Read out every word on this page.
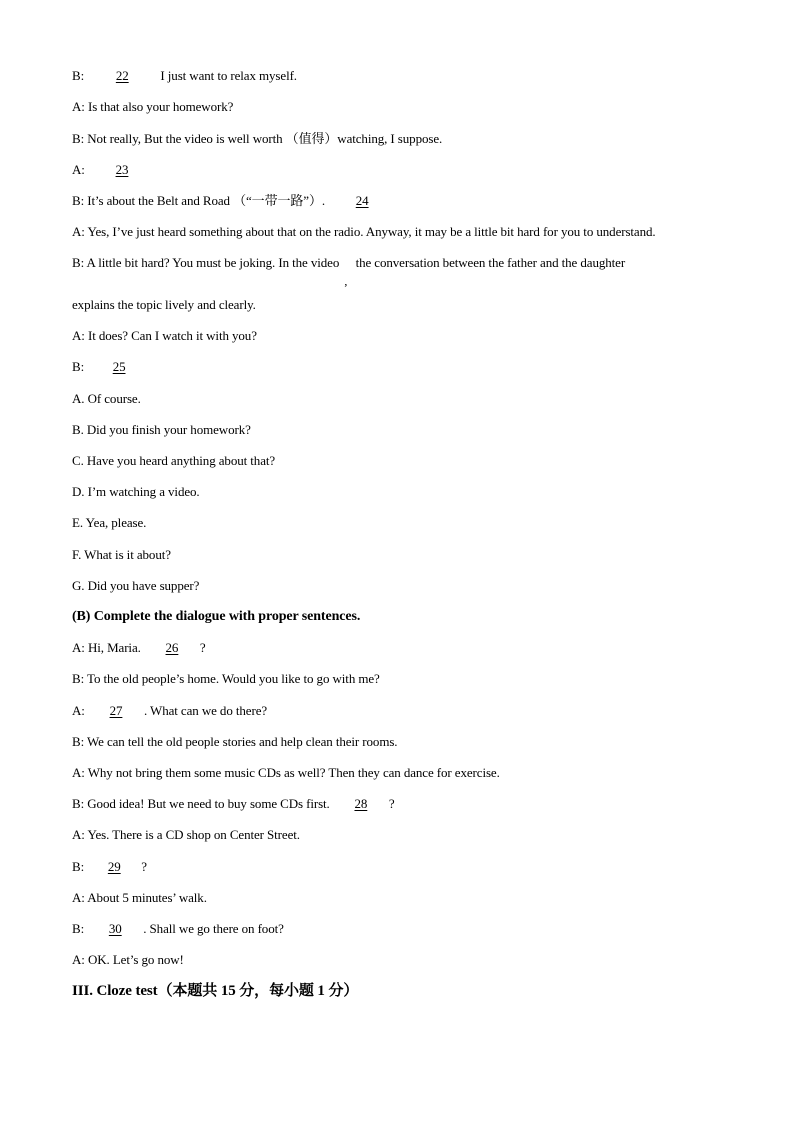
B: 22 I just want to relax myself.
A: Is that also your homework?
B: Not really, But the video is well worth （值得）watching, I suppose.
A: 23
B: It’s about the Belt and Road （“一带一路”）. 24
A: Yes, I’ve just heard something about that on the radio. Anyway, it may be a little bit hard for you to understand.
B: A little bit hard? You must be joking. In the video
,
the conversation between the father and the daughter
explains the topic lively and clearly.
A: It does? Can I watch it with you?
B: 25
A. Of course.
B. Did you finish your homework?
C. Have you heard anything about that?
D. I’m watching a video.
E. Yea, please.
F. What is it about?
G. Did you have supper?
(B) Complete the dialogue with proper sentences.
A: Hi, Maria. 26 ?
B: To the old people’s home. Would you like to go with me?
A: 27 . What can we do there?
B: We can tell the old people stories and help clean their rooms.
A: Why not bring them some music CDs as well? Then they can dance for exercise.
B: Good idea! But we need to buy some CDs first. 28 ?
A: Yes. There is a CD shop on Center Street.
B: 29 ?
A: About 5 minutes’ walk.
B: 30 . Shall we go there on foot?
A: OK. Let’s go now!
III. Cloze test（本题共 15 分，每小题 1 分）
